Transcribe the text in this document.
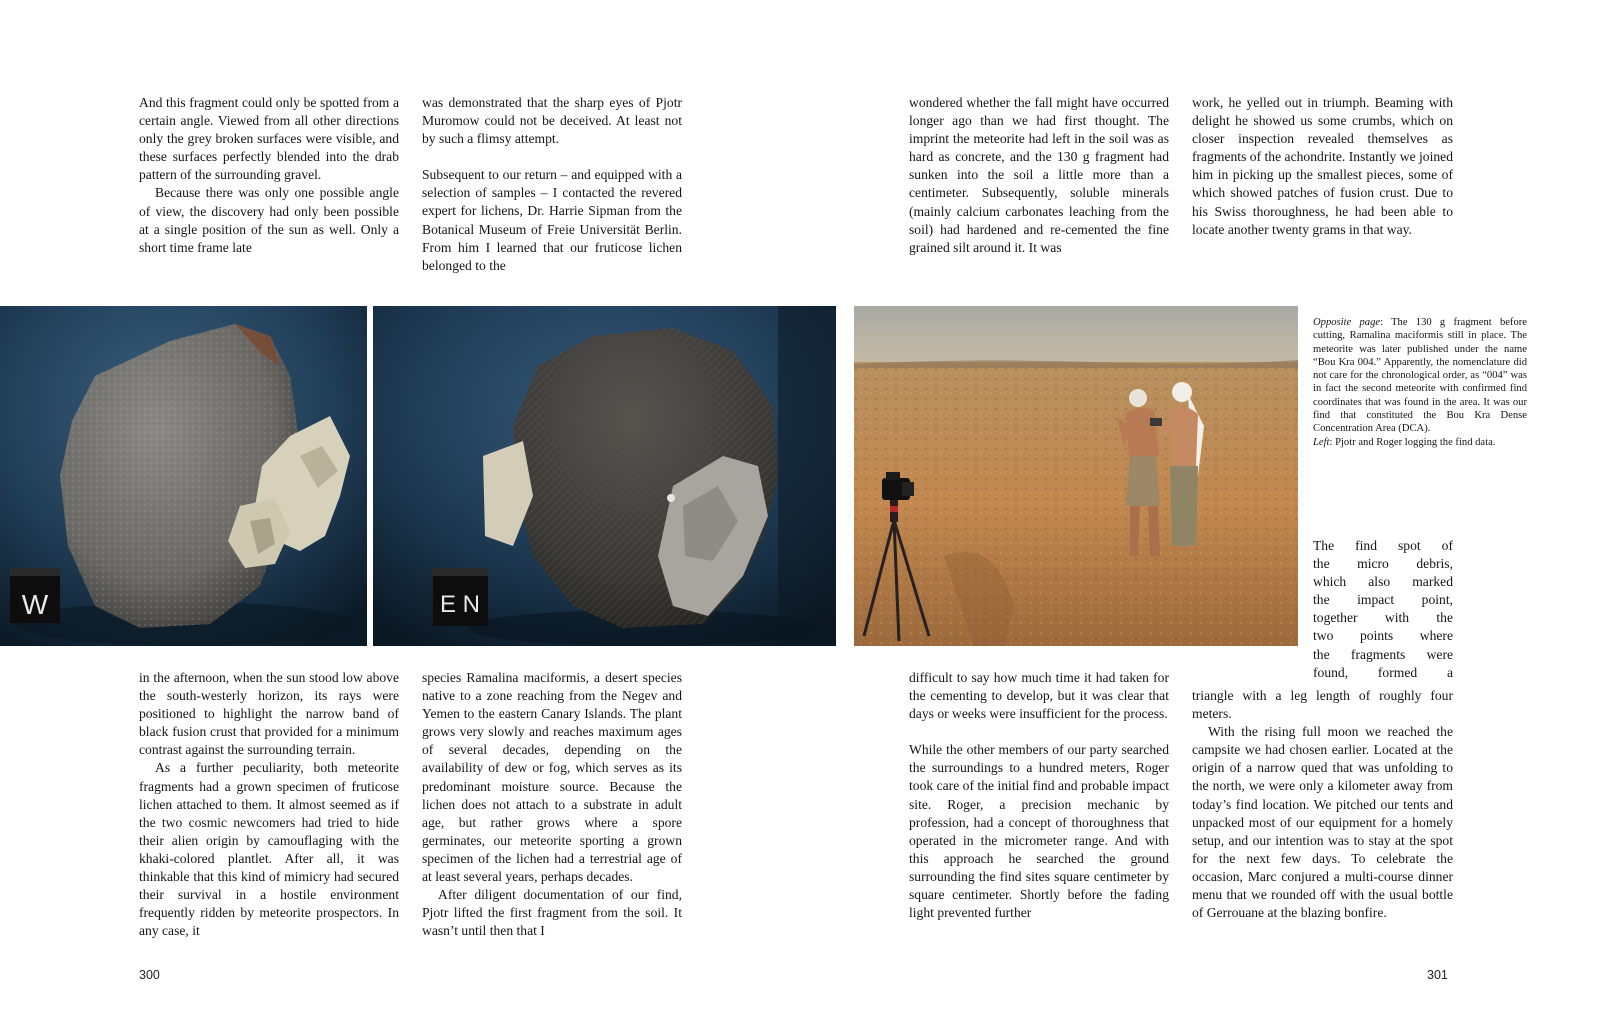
And this fragment could only be spotted from a certain angle. Viewed from all other directions only the grey broken surfaces were visible, and these surfaces perfectly blended into the drab pattern of the surrounding gravel.

Because there was only one possible angle of view, the discovery had only been possible at a single position of the sun as well. Only a short time frame late

was demonstrated that the sharp eyes of Pjotr Muromow could not be deceived. At least not by such a flimsy attempt.

Subsequent to our return – and equipped with a selection of samples – I contacted the revered expert for lichens, Dr. Harrie Sipman from the Botanical Museum of Freie Universität Berlin. From him I learned that our fruticose lichen belonged to the

wondered whether the fall might have occurred longer ago than we had first thought. The imprint the meteorite had left in the soil was as hard as concrete, and the 130 g fragment had sunken into the soil a little more than a centimeter. Subsequently, soluble minerals (mainly calcium carbonates leaching from the soil) had hardened and re-cemented the fine grained silt around it. It was

work, he yelled out in triumph. Beaming with delight he showed us some crumbs, which on closer inspection revealed themselves as fragments of the achondrite. Instantly we joined him in picking up the smallest pieces, some of which showed patches of fusion crust. Due to his Swiss thoroughness, he had been able to locate another twenty grams in that way.

W	E N

Opposite page: The 130 g fragment before cutting, Ramalina maciformis still in place. The meteorite was later published under the name “Bou Kra 004.” Apparently, the nomenclature did not care for the chronological order, as “004” was in fact the second meteorite with confirmed find coordinates that was found in the area. It was our find that constituted the Bou Kra Dense Concentration Area (DCA).

Left: Pjotr and Roger logging the find data.

The find spot of

the micro debris,

which also marked

the impact point,

together with the

two points where

the fragments were

found, formed a

in the afternoon, when the sun stood low above the south-westerly horizon, its rays were positioned to highlight the narrow band of black fusion crust that provided for a minimum contrast against the surrounding terrain.

As a further peculiarity, both meteorite fragments had a grown specimen of fruticose lichen attached to them. It almost seemed as if the two cosmic newcomers had tried to hide their alien origin by camouflaging with the khaki-colored plantlet. After all, it was thinkable that this kind of mimicry had secured their survival in a hostile environment frequently ridden by meteorite prospectors. In any case, it

species Ramalina maciformis, a desert species native to a zone reaching from the Negev and Yemen to the eastern Canary Islands. The plant grows very slowly and reaches maximum ages of several decades, depending on the availability of dew or fog, which serves as its predominant moisture source. Because the lichen does not attach to a substrate in adult age, but rather grows where a spore germinates, our meteorite sporting a grown specimen of the lichen had a terrestrial age of at least several years, perhaps decades.

After diligent documentation of our find, Pjotr lifted the first fragment from the soil. It wasn’t until then that I

difficult to say how much time it had taken for the cementing to develop, but it was clear that days or weeks were insufficient for the process.

While the other members of our party searched the surroundings to a hundred meters, Roger took care of the initial find and probable impact site. Roger, a precision mechanic by profession, had a concept of thoroughness that operated in the micrometer range. And with this approach he searched the ground surrounding the find sites square centimeter by square centimeter. Shortly before the fading light prevented further

triangle with a leg length of roughly four meters.

With the rising full moon we reached the campsite we had chosen earlier. Located at the origin of a narrow qued that was unfolding to the north, we were only a kilometer away from today’s find location. We pitched our tents and unpacked most of our equipment for a homely setup, and our intention was to stay at the spot for the next few days. To celebrate the occasion, Marc conjured a multi-course dinner menu that we rounded off with the usual bottle of Gerrouane at the blazing bonfire.

300	301
